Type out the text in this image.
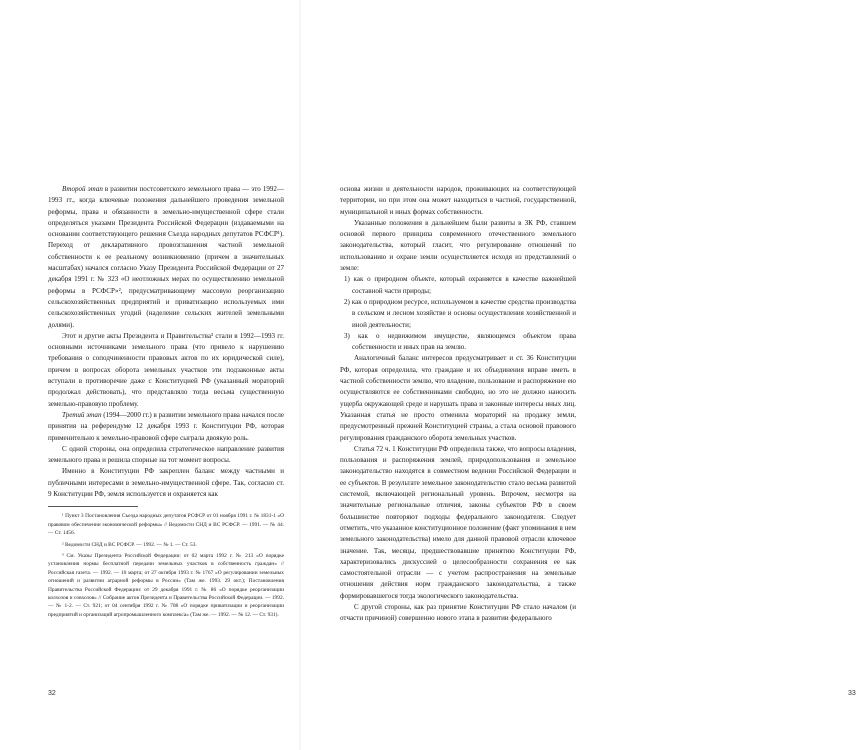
Второй этап в развитии постсоветского земельного права — это 1992—1993 гг., когда ключевые положения дальнейшего проведения земельной реформы, права и обязанности в земельно-имущественной сфере стали определяться указами Президента Российской Федерации (издаваемыми на основании соответствующего решения Съезда народных депутатов РСФСР¹). Переход от декларативного провозглашения частной земельной собственности к ее реальному возникновению (причем в значительных масштабах) начался согласно Указу Президента Российской Федерации от 27 декабря 1991 г. № 323 «О неотложных мерах по осуществлению земельной реформы в РСФСР»², предусматривающему массовую реорганизацию сельскохозяйственных предприятий и приватизацию используемых ими сельскохозяйственных угодий (наделение сельских жителей земельными долями).

Этот и другие акты Президента и Правительства³ стали в 1992—1993 гг. основными источниками земельного права (что привело к нарушению требования о соподчиненности правовых актов по их юридической силе), причем в вопросах оборота земельных участков эти подзаконные акты вступали в противоречие даже с Конституцией РФ (указанный мораторий продолжал действовать), что представляло тогда весьма существенную земельно-правовую проблему.

Третий этап (1994—2000 гг.) в развитии земельного права начался после принятия на референдуме 12 декабря 1993 г. Конституции РФ, которая применительно к земельно-правовой сфере сыграла двоякую роль.

С одной стороны, она определила стратегическое направление развития земельного права и решила спорные на тот момент вопросы.

Именно в Конституции РФ закреплен баланс между частными и публичными интересами в земельно-имущественной сфере. Так, согласно ст. 9 Конституции РФ, земля используется и охраняется как

¹ Пункт 3 Постановления Съезда народных депутатов РСФСР от 01 ноября 1991 г. № 1831-1 «О правовом обеспечении экономической реформы» // Ведомости СНД и ВС РСФСР. — 1991. — № 44. — Ст. 1456.

² Ведомости СНД и ВС РСФСР. — 1992. — № 1. — Ст. 53.

³ См. Указы Президента Российской Федерации: от 02 марта 1992 г. № 213 «О порядке установления нормы бесплатной передачи земельных участков в собственность граждан» // Российская газета. — 1992. — 10 марта; от 27 октября 1993 г. № 1767 «О регулировании земельных отношений и развитии аграрной реформы в России» (Там же. 1993. 29 окт.); Постановления Правительства Российской Федерации: от 29 декабря 1991 г. № 86 «О порядке реорганизации колхозов и совхозов» // Собрание актов Президента и Правительства Российской Федерации. — 1992. — № 1-2. — Ст. 921; от 04 сентября 1992 г. № 708 «О порядке приватизации и реорганизации предприятий и организаций агропромышленного комплекса» (Там же. — 1992. — № 12. — Ст. 931).

32

основа жизни и деятельности народов, проживающих на соответствующей территории, но при этом она может находиться в частной, государственной, муниципальной и иных формах собственности.

Указанные положения в дальнейшем были развиты в ЗК РФ, ставшем основой первого принципа современного отечественного земельного законодательства, который гласит, что регулирование отношений по использованию и охране земли осуществляется исходя из представлений о земле:

1) как о природном объекте, который охраняется в качестве важнейшей составной части природы;

2) как о природном ресурсе, используемом в качестве средства производства в сельском и лесном хозяйстве и основы осуществления хозяйственной и иной деятельности;

3) как о недвижимом имуществе, являющемся объектом права собственности и иных прав на землю.

Аналогичный баланс интересов предусматривает и ст. 36 Конституции РФ, которая определила, что граждане и их объединения вправе иметь в частной собственности землю, что владение, пользование и распоряжение ею осуществляются ее собственниками свободно, но это не должно наносить ущерба окружающей среде и нарушать права и законные интересы иных лиц. Указанная статья не просто отменила мораторий на продажу земли, предусмотренный прежней Конституцией страны, а стала основой правового регулирования гражданского оборота земельных участков.

Статья 72 ч. 1 Конституции РФ определила также, что вопросы владения, пользования и распоряжения землей, природопользования и земельное законодательство находятся в совместном ведении Российской Федерации и ее субъектов. В результате земельное законодательство стало весьма развитой системой, включающей региональный уровень. Впрочем, несмотря на значительные региональные отличия, законы субъектов РФ в своем большинстве повторяют подходы федерального законодателя. Следует отметить, что указанное конституционное положение (факт упоминания в нем земельного законодательства) имело для данной правовой отрасли ключевое значение. Так, месяцы, предшествовавшие принятию Конституции РФ, характеризовались дискуссией о целесообразности сохранения ее как самостоятельной отрасли — с учетом распространения на земельные отношения действия норм гражданского законодательства, а также формировавшегося тогда экологического законодательства.

С другой стороны, как раз принятие Конституции РФ стало началом (и отчасти причиной) совершенно нового этапа в развитии федерального

33
